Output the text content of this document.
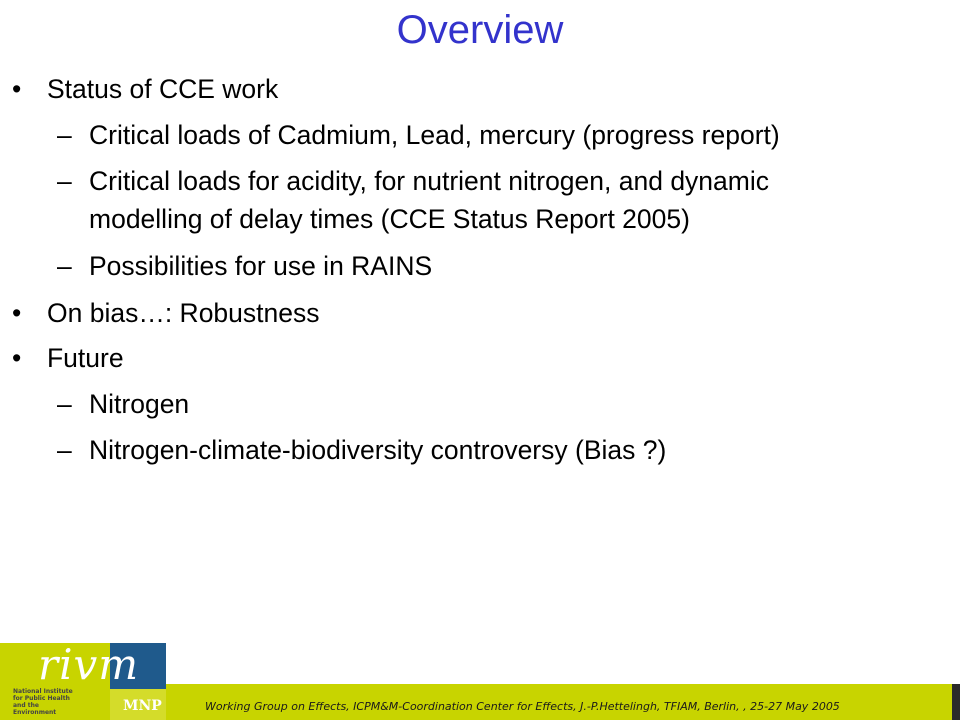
Overview
• Status of CCE work
– Critical loads of Cadmium, Lead, mercury (progress report)
– Critical loads for acidity, for nutrient nitrogen, and dynamic
modelling of delay times (CCE Status Report 2005)
– Possibilities for use in RAINS
• On bias…: Robustness
• Future
– Nitrogen
– Nitrogen-climate-biodiversity controversy (Bias ?)
Working Group on Effects, ICPM&M-Coordination Center for Effects, J.-P.Hettelingh, TFIAM, Berlin, , 25-27 May 2005
rivm
National Institute for Public Health and the Environment	MNP
